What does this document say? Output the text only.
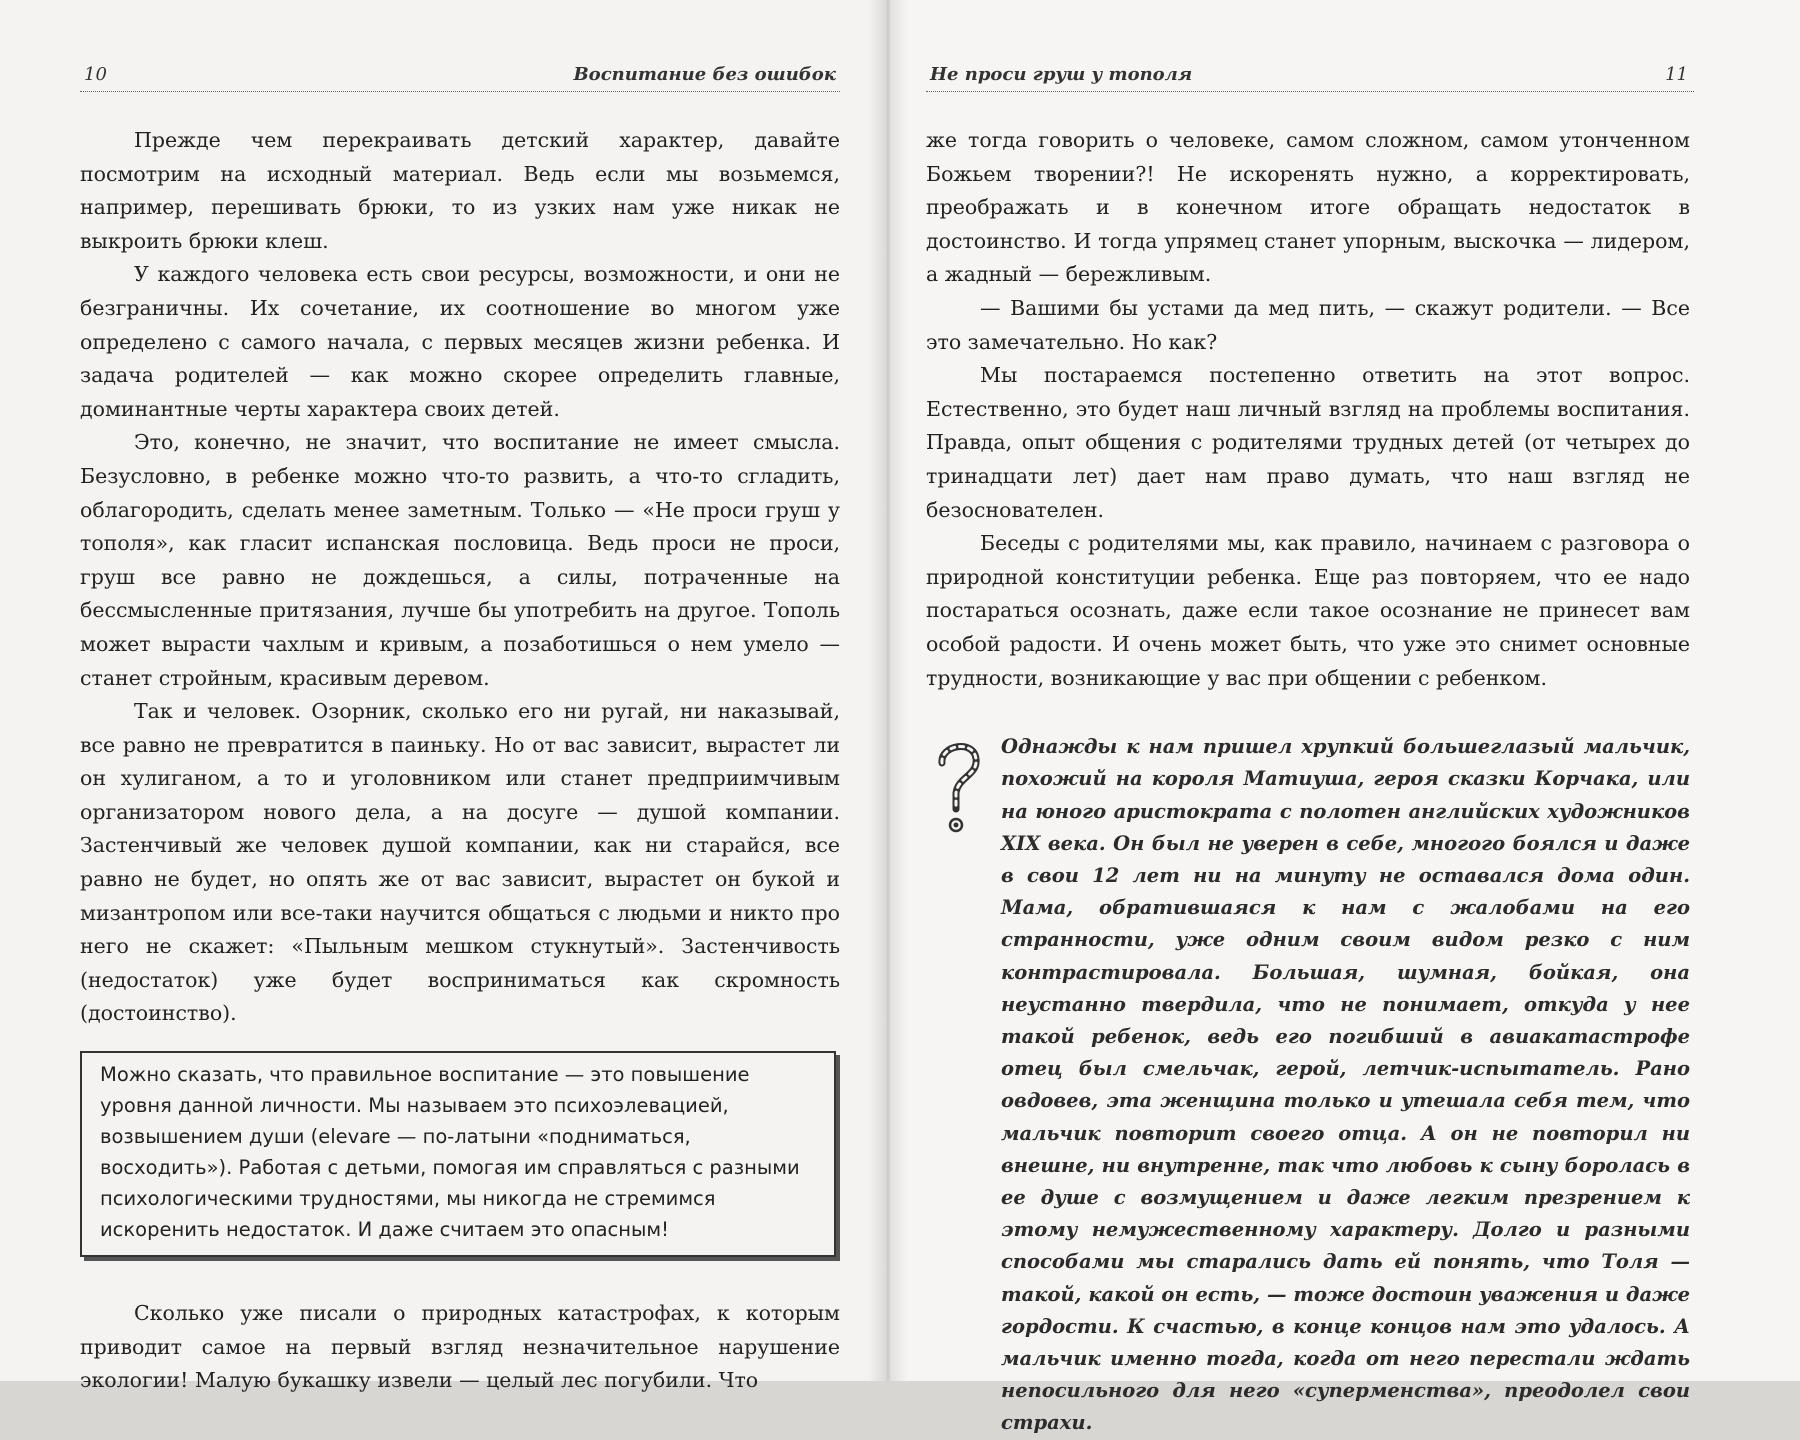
10	Воспитание без ошибок

Прежде чем перекраивать детский характер, давайте посмотрим на исходный материал. Ведь если мы возьмемся, например, перешивать брюки, то из узких нам уже никак не выкроить брюки клеш.

У каждого человека есть свои ресурсы, возможности, и они не безграничны. Их сочетание, их соотношение во многом уже определено с самого начала, с первых месяцев жизни ребенка. И задача родителей — как можно скорее определить главные, доминантные черты характера своих детей.

Это, конечно, не значит, что воспитание не имеет смысла. Безусловно, в ребенке можно что-то развить, а что-то сгладить, облагородить, сделать менее заметным. Только — «Не проси груш у тополя», как гласит испанская пословица. Ведь проси не проси, груш все равно не дождешься, а силы, потраченные на бессмысленные притязания, лучше бы употребить на другое. Тополь может вырасти чахлым и кривым, а позаботишься о нем умело — станет стройным, красивым деревом.

Так и человек. Озорник, сколько его ни ругай, ни наказывай, все равно не превратится в паиньку. Но от вас зависит, вырастет ли он хулиганом, а то и уголовником или станет предприимчивым организатором нового дела, а на досуге — душой компании. Застенчивый же человек душой компании, как ни старайся, все равно не будет, но опять же от вас зависит, вырастет он букой и мизантропом или все-таки научится общаться с людьми и никто про него не скажет: «Пыльным мешком стукнутый». Застенчивость (недостаток) уже будет восприниматься как скромность (достоинство).

Можно сказать, что правильное воспитание — это повышение уровня данной личности. Мы называем это психоэлевацией, возвышением души (elevare — по-латыни «подниматься, восходить»). Работая с детьми, помогая им справляться с разными психологическими трудностями, мы никогда не стремимся искоренить недостаток. И даже считаем это опасным!

Сколько уже писали о природных катастрофах, к которым приводит самое на первый взгляд незначительное нарушение экологии! Малую букашку извели — целый лес погубили. Что

Не проси груш у тополя	11

же тогда говорить о человеке, самом сложном, самом утонченном Божьем творении?! Не искоренять нужно, а корректировать, преображать и в конечном итоге обращать недостаток в достоинство. И тогда упрямец станет упорным, выскочка — лидером, а жадный — бережливым.

— Вашими бы устами да мед пить, — скажут родители. — Все это замечательно. Но как?

Мы постараемся постепенно ответить на этот вопрос. Естественно, это будет наш личный взгляд на проблемы воспитания. Правда, опыт общения с родителями трудных детей (от четырех до тринадцати лет) дает нам право думать, что наш взгляд не безоснователен.

Беседы с родителями мы, как правило, начинаем с разговора о природной конституции ребенка. Еще раз повторяем, что ее надо постараться осознать, даже если такое осознание не принесет вам особой радости. И очень может быть, что уже это снимет основные трудности, возникающие у вас при общении с ребенком.

Однажды к нам пришел хрупкий большеглазый мальчик, похожий на короля Матиуша, героя сказки Корчака, или на юного аристократа с полотен английских художников XIX века. Он был не уверен в себе, многого боялся и даже в свои 12 лет ни на минуту не оставался дома один. Мама, обратившаяся к нам с жалобами на его странности, уже одним своим видом резко с ним контрастировала. Большая, шумная, бойкая, она неустанно твердила, что не понимает, откуда у нее такой ребенок, ведь его погибший в авиакатастрофе отец был смельчак, герой, летчик-испытатель. Рано овдовев, эта женщина только и утешала себя тем, что мальчик повторит своего отца. А он не повторил ни внешне, ни внутренне, так что любовь к сыну боролась в ее душе с возмущением и даже легким презрением к этому немужественному характеру. Долго и разными способами мы старались дать ей понять, что Толя — такой, какой он есть, — тоже достоин уважения и даже гордости. К счастью, в конце концов нам это удалось. А мальчик именно тогда, когда от него перестали ждать непосильного для него «суперменства», преодолел свои страхи.
